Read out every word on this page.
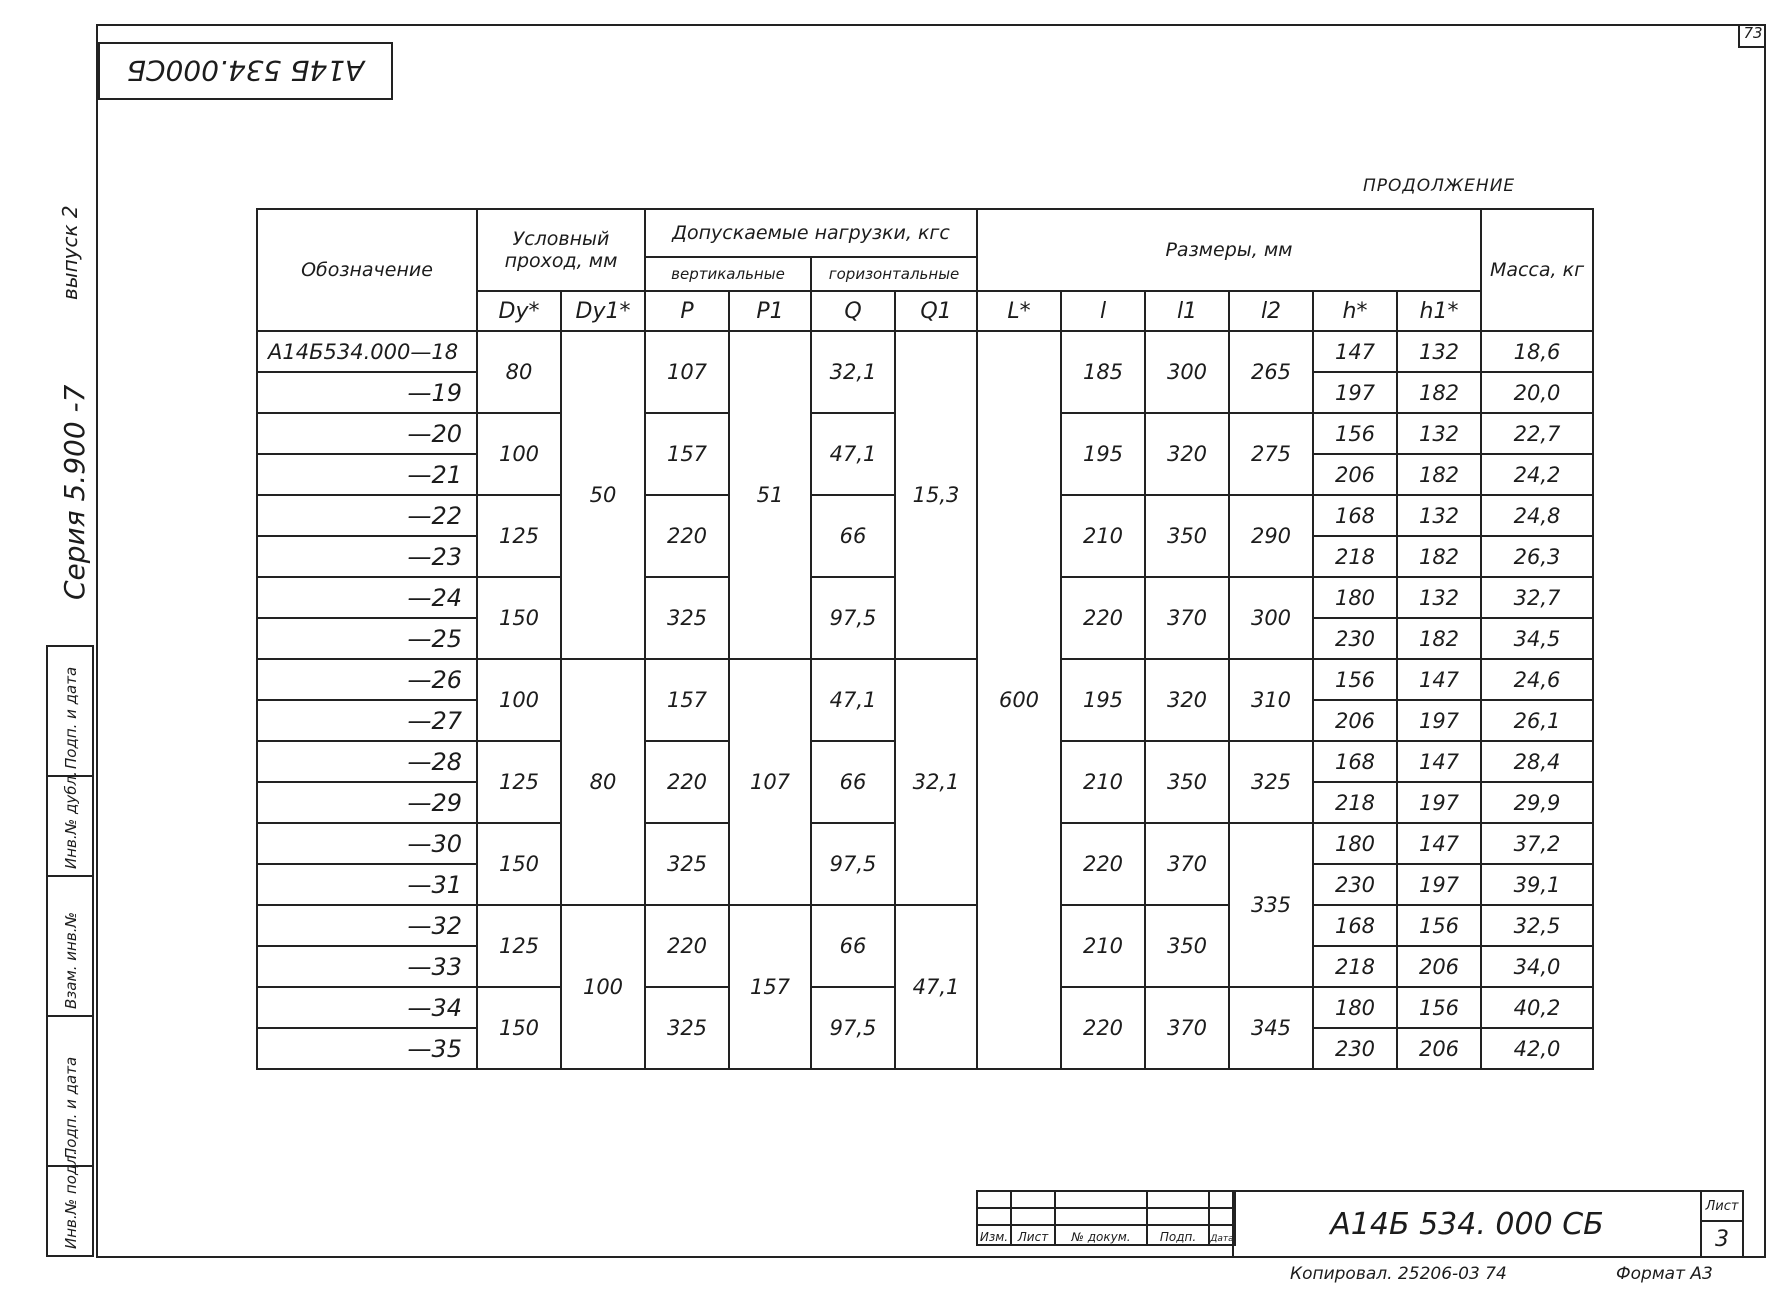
А14Б 534.000СБ
73
выпуск 2
Серия 5.900 -7
Подп. и дата
Инв.№ дубл.
Взам. инв.№
Подп. и дата
Инв.№ подл.
ПРОДОЛЖЕНИЕ
Обозначение	Условный проход, мм		Допускаемые нагрузки, кгс				Размеры, мм						Масса, кг
			вертикальные		горизонтальные								
	Dу*	Dу1*	P	P1	Q	Q1	L*	l	l1	l2	h*	h1*	
А14Б534.000—18	80	50	107	51	32,1	15,3	600	185	300	265	147	132	18,6
—19											197	182	20,0
—20	100		157		47,1			195	320	275	156	132	22,7
—21											206	182	24,2
—22	125		220		66			210	350	290	168	132	24,8
—23											218	182	26,3
—24	150		325		97,5			220	370	300	180	132	32,7
—25											230	182	34,5
—26	100	80	157	107	47,1	32,1		195	320	310	156	147	24,6
—27											206	197	26,1
—28	125		220		66			210	350	325	168	147	28,4
—29											218	197	29,9
—30	150		325		97,5			220	370	335	180	147	37,2
—31											230	197	39,1
—32	125	100	220	157	66	47,1		210	350		168	156	32,5
—33											218	206	34,0
—34	150		325		97,5			220	370	345	180	156	40,2
—35											230	206	42,0

Изм.	Лист	№ докум.	Подп.	Дата	А14Б 534. 000 СБ	Лист
3
Копировал. 25206-03 74	Формат А3
